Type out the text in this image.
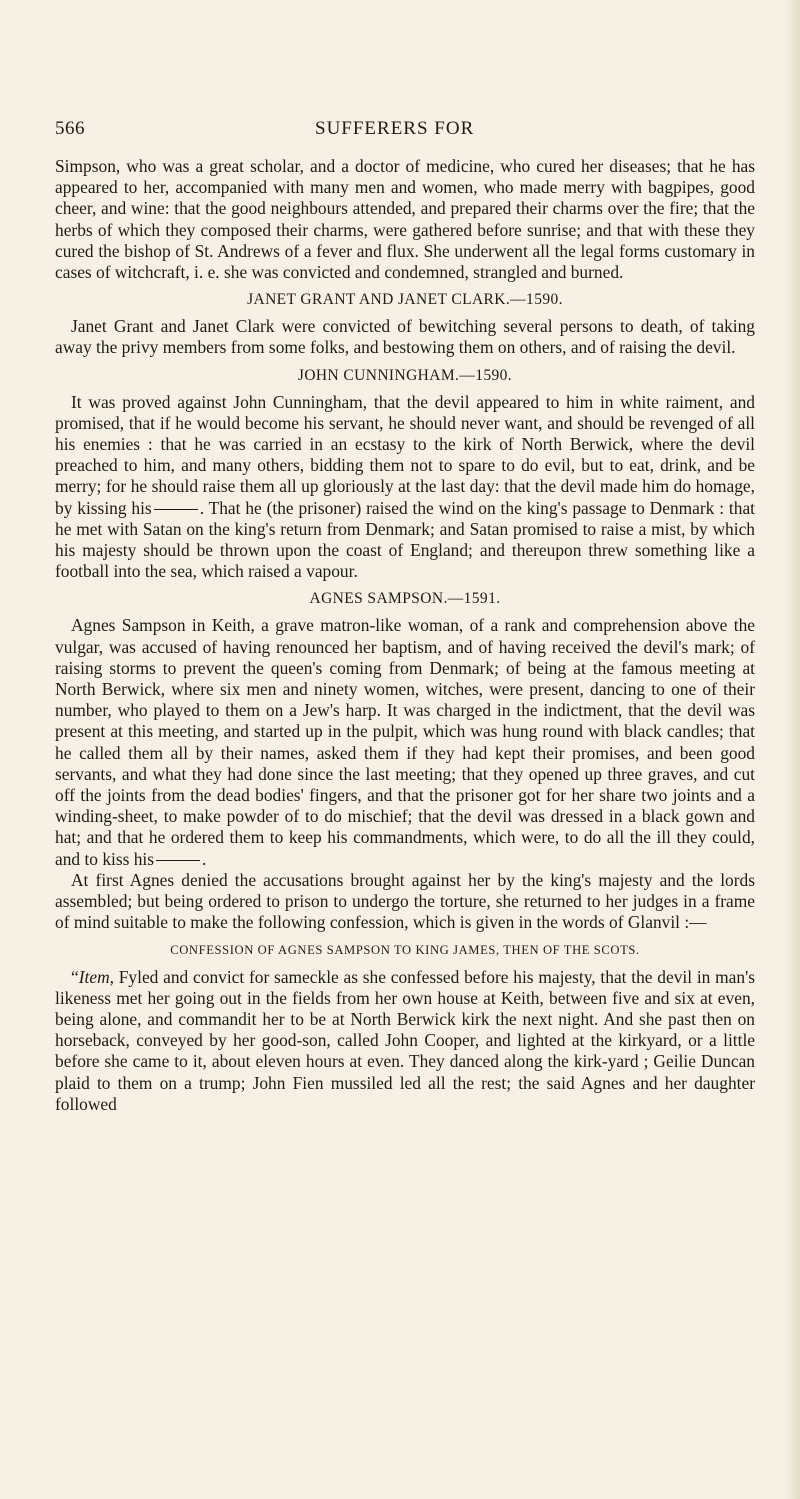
566	SUFFERERS FOR

Simpson, who was a great scholar, and a doctor of medicine, who cured her diseases; that he has appeared to her, accompanied with many men and women, who made merry with bagpipes, good cheer, and wine: that the good neighbours attended, and prepared their charms over the fire; that the herbs of which they composed their charms, were gathered before sunrise; and that with these they cured the bishop of St. Andrews of a fever and flux. She underwent all the legal forms customary in cases of witchcraft, i. e. she was convicted and condemned, strangled and burned.

JANET GRANT AND JANET CLARK.—1590.

Janet Grant and Janet Clark were convicted of bewitching several persons to death, of taking away the privy members from some folks, and bestowing them on others, and of raising the devil.

JOHN CUNNINGHAM.—1590.

It was proved against John Cunningham, that the devil appeared to him in white raiment, and promised, that if he would become his servant, he should never want, and should be revenged of all his enemies : that he was carried in an ecstasy to the kirk of North Berwick, where the devil preached to him, and many others, bidding them not to spare to do evil, but to eat, drink, and be merry; for he should raise them all up gloriously at the last day: that the devil made him do homage, by kissing his	. That he (the prisoner) raised the wind on the king's passage to Denmark : that he met with Satan on the king's return from Denmark; and Satan promised to raise a mist, by which his majesty should be thrown upon the coast of England; and thereupon threw something like a football into the sea, which raised a vapour.

AGNES SAMPSON.—1591.

Agnes Sampson in Keith, a grave matron-like woman, of a rank and comprehension above the vulgar, was accused of having renounced her baptism, and of having received the devil's mark; of raising storms to prevent the queen's coming from Denmark; of being at the famous meeting at North Berwick, where six men and ninety women, witches, were present, dancing to one of their number, who played to them on a Jew's harp. It was charged in the indictment, that the devil was present at this meeting, and started up in the pulpit, which was hung round with black candles; that he called them all by their names, asked them if they had kept their promises, and been good servants, and what they had done since the last meeting; that they opened up three graves, and cut off the joints from the dead bodies' fingers, and that the prisoner got for her share two joints and a winding-sheet, to make powder of to do mischief; that the devil was dressed in a black gown and hat; and that he ordered them to keep his commandments, which were, to do all the ill they could, and to kiss his	.

At first Agnes denied the accusations brought against her by the king's majesty and the lords assembled; but being ordered to prison to undergo the torture, she returned to her judges in a frame of mind suitable to make the following confession, which is given in the words of Glanvil :—

CONFESSION OF AGNES SAMPSON TO KING JAMES, THEN OF THE SCOTS.

“Item, Fyled and convict for sameckle as she confessed before his majesty, that the devil in man's likeness met her going out in the fields from her own house at Keith, between five and six at even, being alone, and commandit her to be at North Berwick kirk the next night. And she past then on horseback, conveyed by her good-son, called John Cooper, and lighted at the kirkyard, or a little before she came to it, about eleven hours at even. They danced along the kirk-yard ; Geilie Duncan plaid to them on a trump; John Fien mussiled led all the rest; the said Agnes and her daughter followed
